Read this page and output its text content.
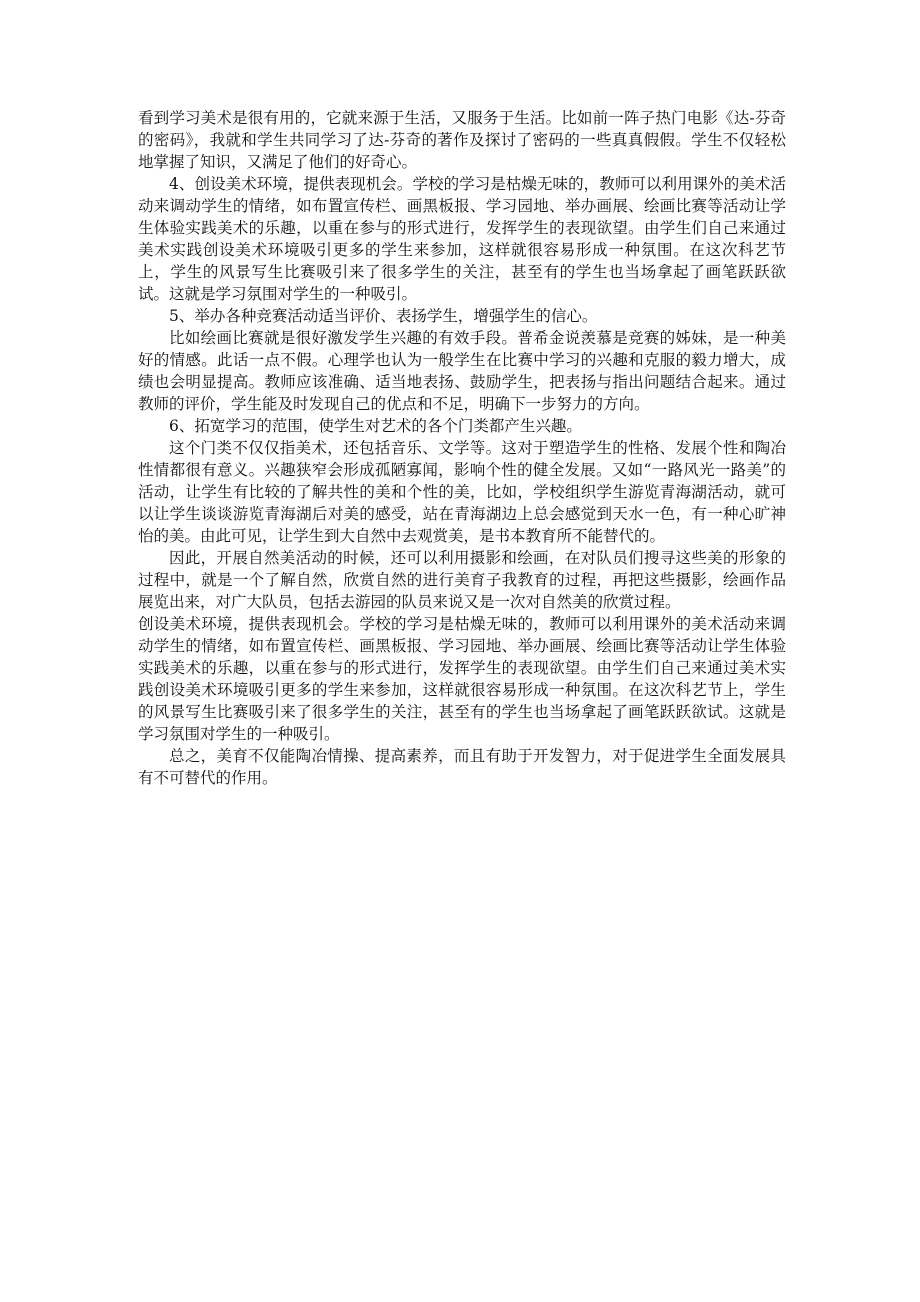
看到学习美术是很有用的，它就来源于生活，又服务于生活。比如前一阵子热门电影《达-芬奇的密码》，我就和学生共同学习了达-芬奇的著作及探讨了密码的一些真真假假。学生不仅轻松地掌握了知识，又满足了他们的好奇心。

4、创设美术环境，提供表现机会。学校的学习是枯燥无味的，教师可以利用课外的美术活动来调动学生的情绪，如布置宣传栏、画黑板报、学习园地、举办画展、绘画比赛等活动让学生体验实践美术的乐趣，以重在参与的形式进行，发挥学生的表现欲望。由学生们自己来通过美术实践创设美术环境吸引更多的学生来参加，这样就很容易形成一种氛围。在这次科艺节上，学生的风景写生比赛吸引来了很多学生的关注，甚至有的学生也当场拿起了画笔跃跃欲试。这就是学习氛围对学生的一种吸引。

5、举办各种竞赛活动适当评价、表扬学生，增强学生的信心。

比如绘画比赛就是很好激发学生兴趣的有效手段。普希金说羡慕是竞赛的姊妹，是一种美好的情感。此话一点不假。心理学也认为一般学生在比赛中学习的兴趣和克服的毅力增大，成绩也会明显提高。教师应该准确、适当地表扬、鼓励学生，把表扬与指出问题结合起来。通过教师的评价，学生能及时发现自己的优点和不足，明确下一步努力的方向。

6、拓宽学习的范围，使学生对艺术的各个门类都产生兴趣。

这个门类不仅仅指美术，还包括音乐、文学等。这对于塑造学生的性格、发展个性和陶冶性情都很有意义。兴趣狭窄会形成孤陋寡闻，影响个性的健全发展。又如“一路风光一路美”的活动，让学生有比较的了解共性的美和个性的美，比如，学校组织学生游览青海湖活动，就可以让学生谈谈游览青海湖后对美的感受，站在青海湖边上总会感觉到天水一色，有一种心旷神怡的美。由此可见，让学生到大自然中去观赏美，是书本教育所不能替代的。

因此，开展自然美活动的时候，还可以利用摄影和绘画，在对队员们搜寻这些美的形象的过程中，就是一个了解自然，欣赏自然的进行美育子我教育的过程，再把这些摄影，绘画作品展览出来，对广大队员，包括去游园的队员来说又是一次对自然美的欣赏过程。

创设美术环境，提供表现机会。学校的学习是枯燥无味的，教师可以利用课外的美术活动来调动学生的情绪，如布置宣传栏、画黑板报、学习园地、举办画展、绘画比赛等活动让学生体验实践美术的乐趣，以重在参与的形式进行，发挥学生的表现欲望。由学生们自己来通过美术实践创设美术环境吸引更多的学生来参加，这样就很容易形成一种氛围。在这次科艺节上，学生的风景写生比赛吸引来了很多学生的关注，甚至有的学生也当场拿起了画笔跃跃欲试。这就是学习氛围对学生的一种吸引。

总之，美育不仅能陶冶情操、提高素养，而且有助于开发智力，对于促进学生全面发展具有不可替代的作用。
